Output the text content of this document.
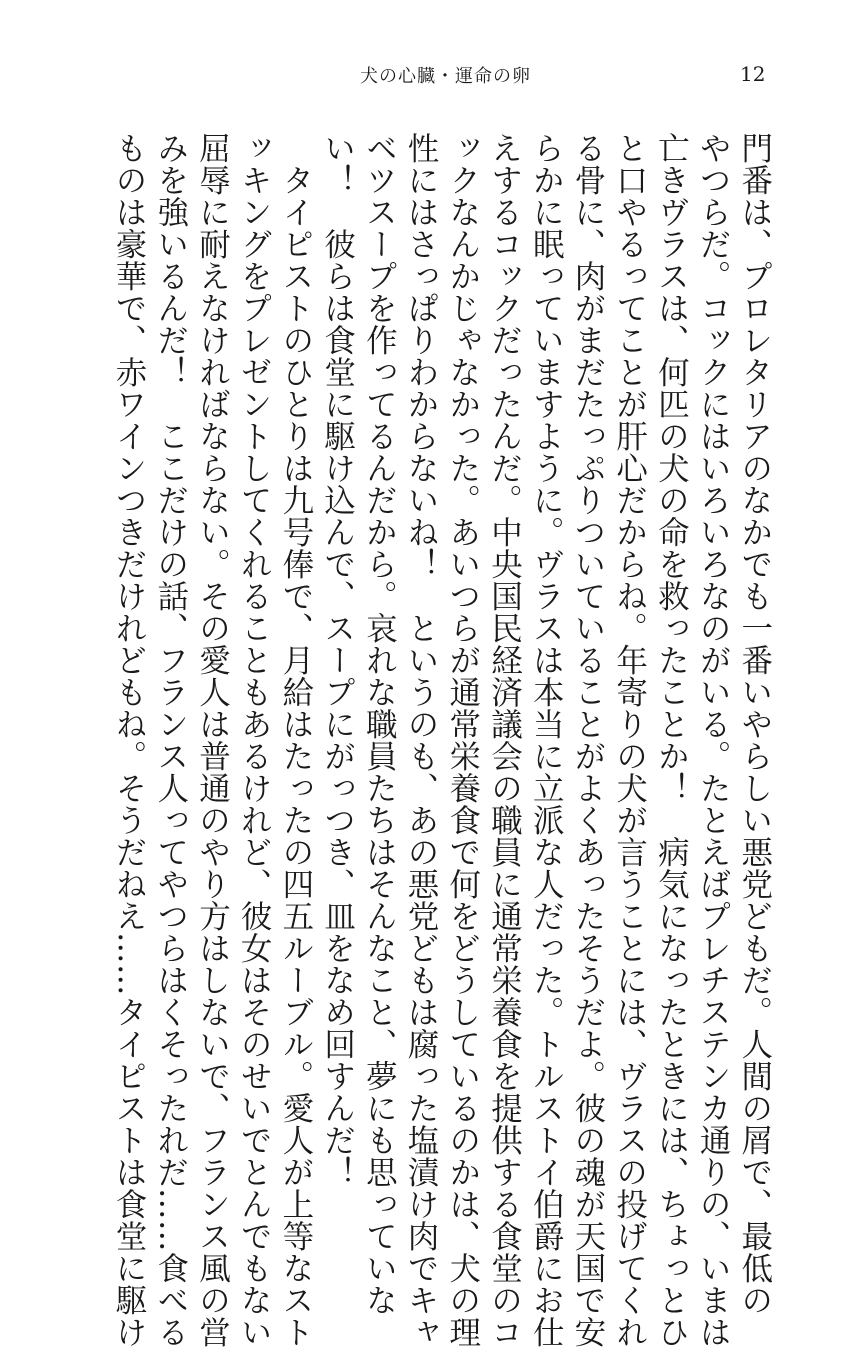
犬の心臓・運命の卵	12
門番は、プロレタリアのなかでも一番いやらしい悪党どもだ。人間の屑で、最低の
やつらだ。コックにはいろいろなのがいる。たとえばプレチステンカ通りの、いまは
亡きヴラスは、何匹の犬の命を救ったことか！　病気になったときには、ちょっとひ
と口やるってことが肝心だからね。年寄りの犬が言うことには、ヴラスの投げてくれ
る骨に、肉がまだたっぷりついていることがよくあったそうだよ。彼の魂が天国で安
らかに眠っていますように。ヴラスは本当に立派な人だった。トルストイ伯爵にお仕
えするコックだったんだ。中央国民経済議会の職員に通常栄養食を提供する食堂のコ
ックなんかじゃなかった。あいつらが通常栄養食で何をどうしているのかは、犬の理
性にはさっぱりわからないね！　というのも、あの悪党どもは腐った塩漬け肉でキャ
ベツスープを作ってるんだから。哀れな職員たちはそんなこと、夢にも思っていな
い！　彼らは食堂に駆け込んで、スープにがっつき、皿をなめ回すんだ！
　タイピストのひとりは九号俸で、月給はたったの四五ルーブル。愛人が上等なスト
ッキングをプレゼントしてくれることもあるけれど、彼女はそのせいでとんでもない
屈辱に耐えなければならない。その愛人は普通のやり方はしないで、フランス風の営
みを強いるんだ！　ここだけの話、フランス人ってやつらはくそったれだ……食べる
ものは豪華で、赤ワインつきだけれどもね。そうだねえ……タイピストは食堂に駆け
